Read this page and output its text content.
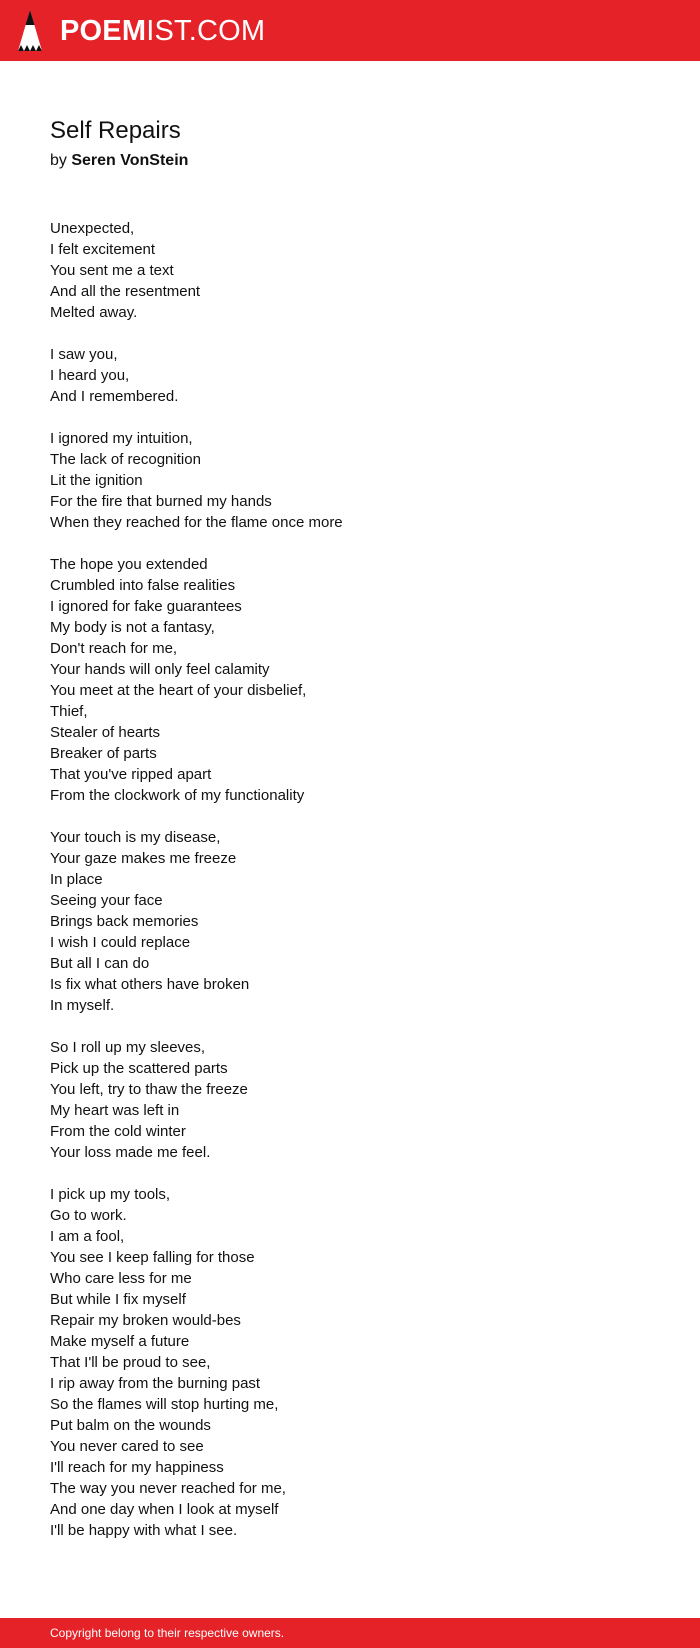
POEMIST.COM
Self Repairs

by Seren VonStein

Unexpected,
I felt excitement
You sent me a text
And all the resentment
Melted away.
I saw you,
I heard you,
And I remembered.
I ignored my intuition,
The lack of recognition
Lit the ignition
For the fire that burned my hands
When they reached for the flame once more
The hope you extended
Crumbled into false realities
I ignored for fake guarantees
My body is not a fantasy,
Don't reach for me,
Your hands will only feel calamity
You meet at the heart of your disbelief,
Thief,
Stealer of hearts
Breaker of parts
That you've ripped apart
From the clockwork of my functionality
Your touch is my disease,
Your gaze makes me freeze
In place
Seeing your face
Brings back memories
I wish I could replace
But all I can do
Is fix what others have broken
In myself.
So I roll up my sleeves,
Pick up the scattered parts
You left, try to thaw the freeze
My heart was left in
From the cold winter
Your loss made me feel.
I pick up my tools,
Go to work.
I am a fool,
You see I keep falling for those
Who care less for me
But while I fix myself
Repair my broken would-bes
Make myself a future
That I'll be proud to see,
I rip away from the burning past
So the flames will stop hurting me,
Put balm on the wounds
You never cared to see
I'll reach for my happiness
The way you never reached for me,
And one day when I look at myself
I'll be happy with what I see.
Copyright belong to their respective owners.
